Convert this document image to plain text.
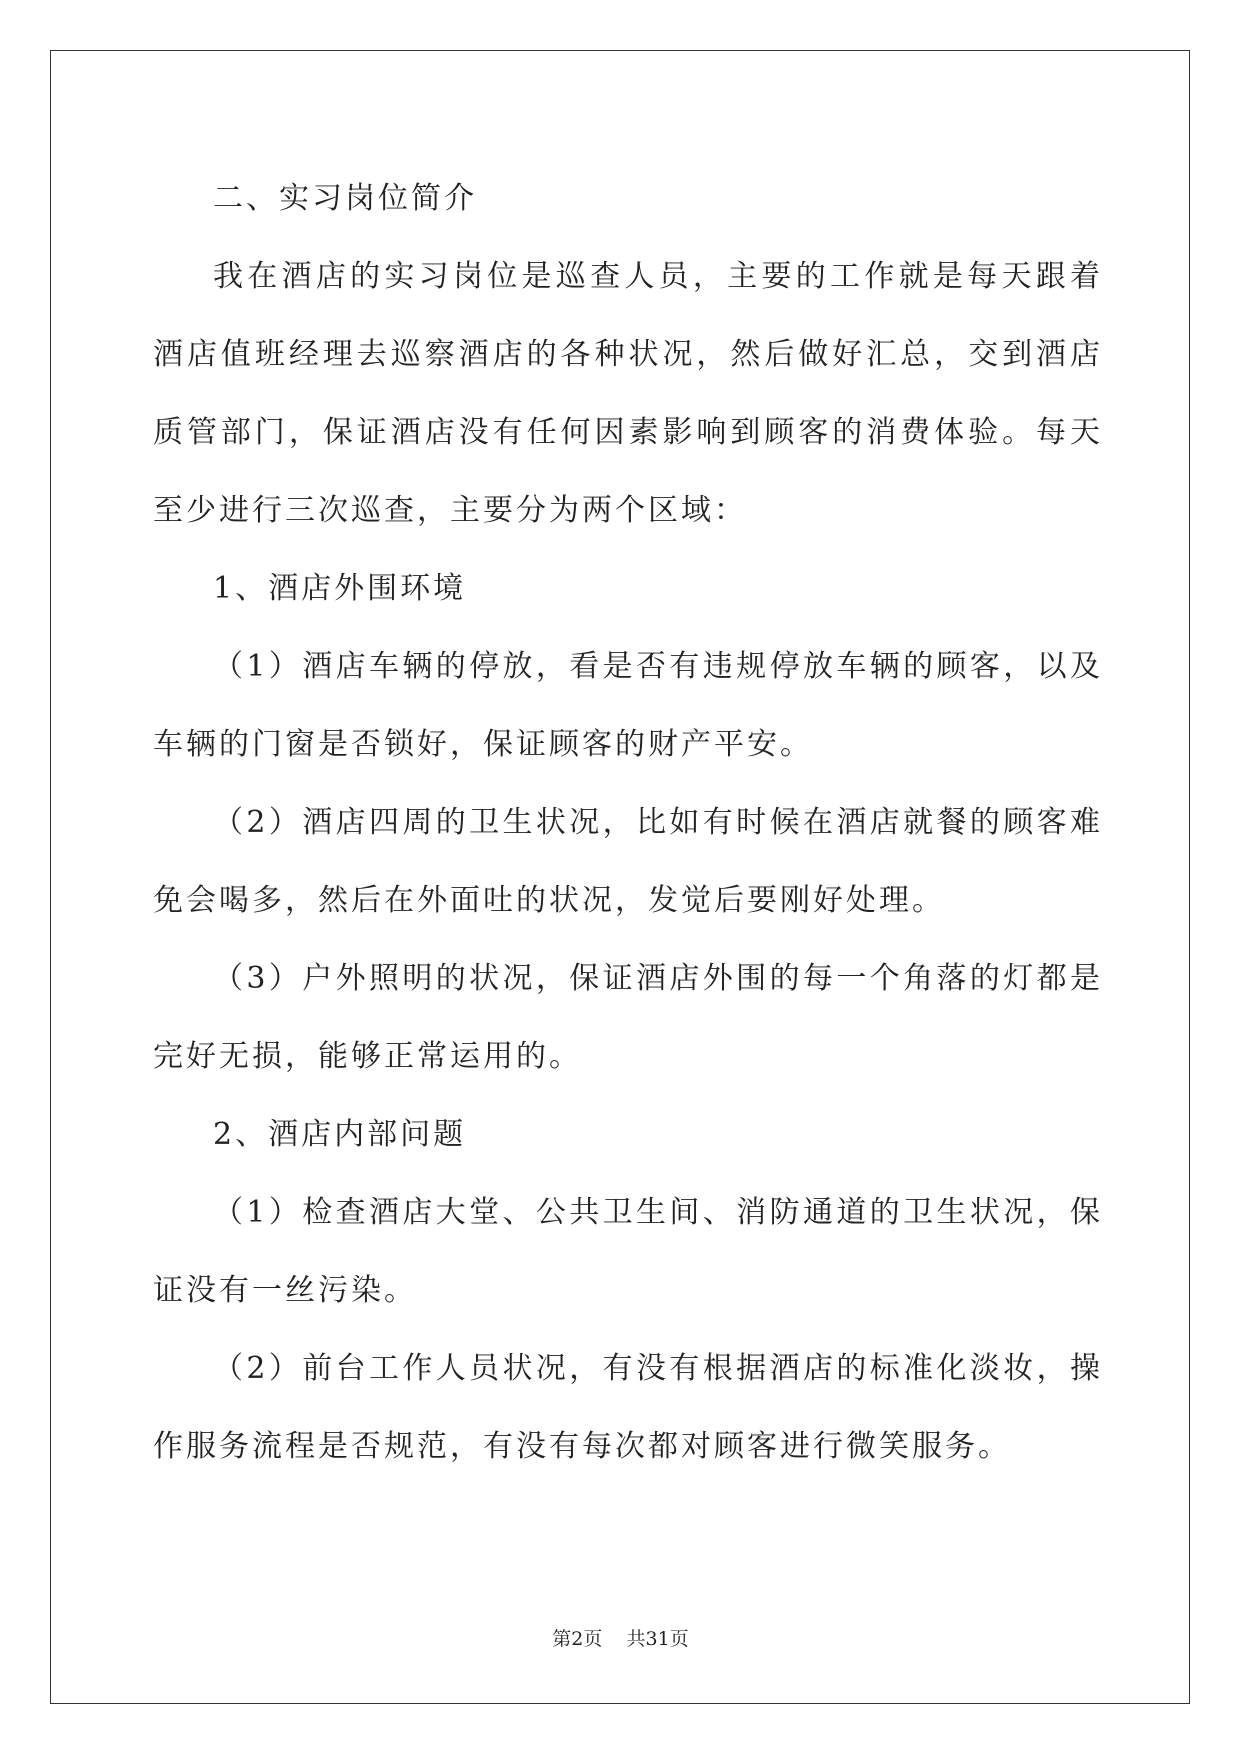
二、实习岗位简介

我在酒店的实习岗位是巡查人员，主要的工作就是每天跟着酒店值班经理去巡察酒店的各种状况，然后做好汇总，交到酒店质管部门，保证酒店没有任何因素影响到顾客的消费体验。每天至少进行三次巡查，主要分为两个区域：

1、酒店外围环境

（1）酒店车辆的停放，看是否有违规停放车辆的顾客，以及车辆的门窗是否锁好，保证顾客的财产平安。

（2）酒店四周的卫生状况，比如有时候在酒店就餐的顾客难免会喝多，然后在外面吐的状况，发觉后要刚好处理。

（3）户外照明的状况，保证酒店外围的每一个角落的灯都是完好无损，能够正常运用的。

2、酒店内部问题

（1）检查酒店大堂、公共卫生间、消防通道的卫生状况，保证没有一丝污染。

（2）前台工作人员状况，有没有根据酒店的标准化淡妆，操作服务流程是否规范，有没有每次都对顾客进行微笑服务。

第2页 共31页
